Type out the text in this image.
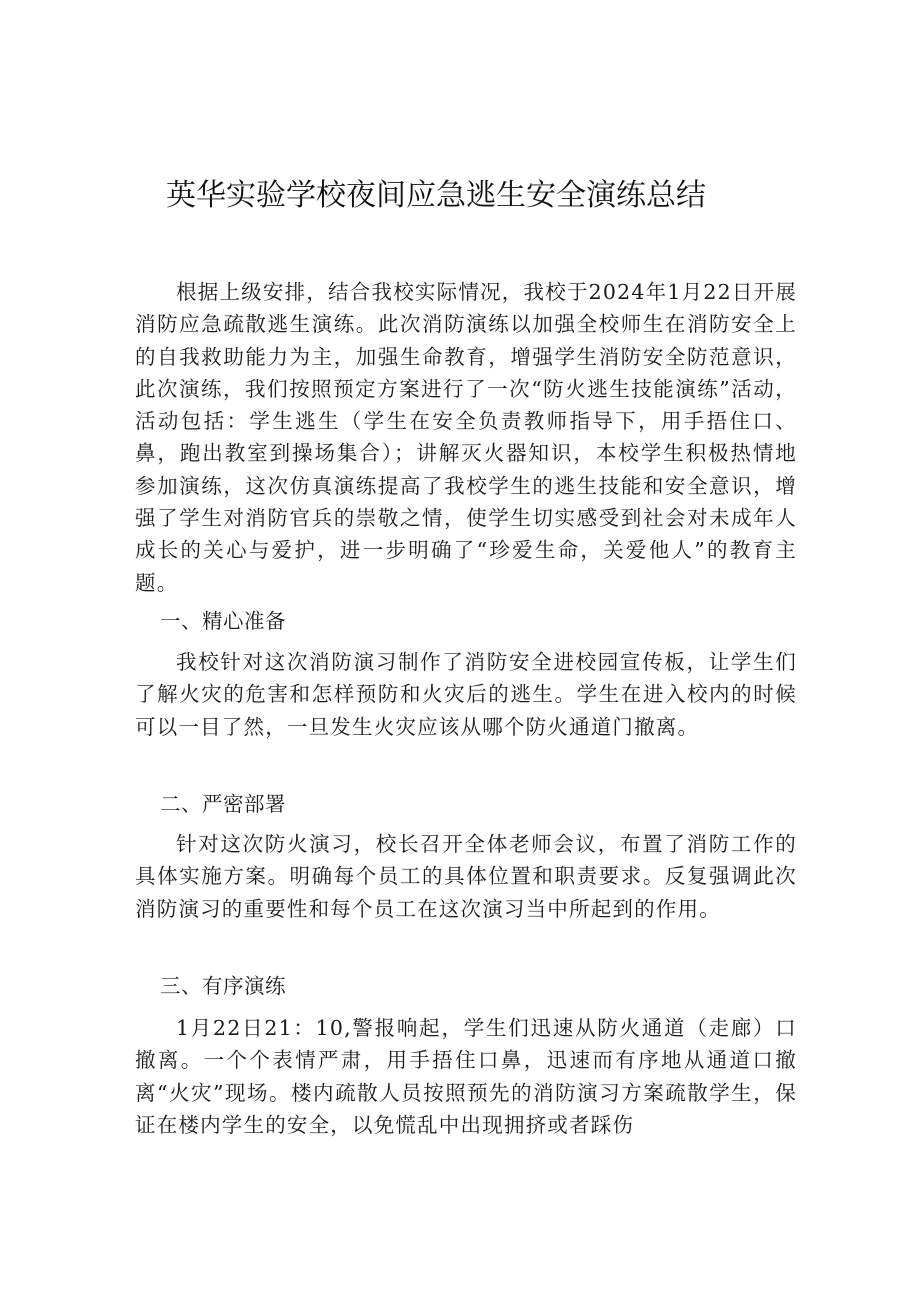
英华实验学校夜间应急逃生安全演练总结

根据上级安排，结合我校实际情况，我校于2024年1月22日开展消防应急疏散逃生演练。此次消防演练以加强全校师生在消防安全上的自我救助能力为主，加强生命教育，增强学生消防安全防范意识，此次演练，我们按照预定方案进行了一次“防火逃生技能演练”活动，活动包括：学生逃生（学生在安全负责教师指导下，用手捂住口、鼻，跑出教室到操场集合）；讲解灭火器知识，本校学生积极热情地参加演练，这次仿真演练提高了我校学生的逃生技能和安全意识，增强了学生对消防官兵的崇敬之情，使学生切实感受到社会对未成年人成长的关心与爱护，进一步明确了“珍爱生命，关爱他人”的教育主题。

一、精心准备

我校针对这次消防演习制作了消防安全进校园宣传板，让学生们了解火灾的危害和怎样预防和火灾后的逃生。学生在进入校内的时候可以一目了然，一旦发生火灾应该从哪个防火通道门撤离。

二、严密部署

针对这次防火演习，校长召开全体老师会议，布置了消防工作的具体实施方案。明确每个员工的具体位置和职责要求。反复强调此次消防演习的重要性和每个员工在这次演习当中所起到的作用。

三、有序演练

1月22日21：10,警报响起，学生们迅速从防火通道（走廊）口撤离。一个个表情严肃，用手捂住口鼻，迅速而有序地从通道口撤离“火灾”现场。楼内疏散人员按照预先的消防演习方案疏散学生，保证在楼内学生的安全，以免慌乱中出现拥挤或者踩伤
